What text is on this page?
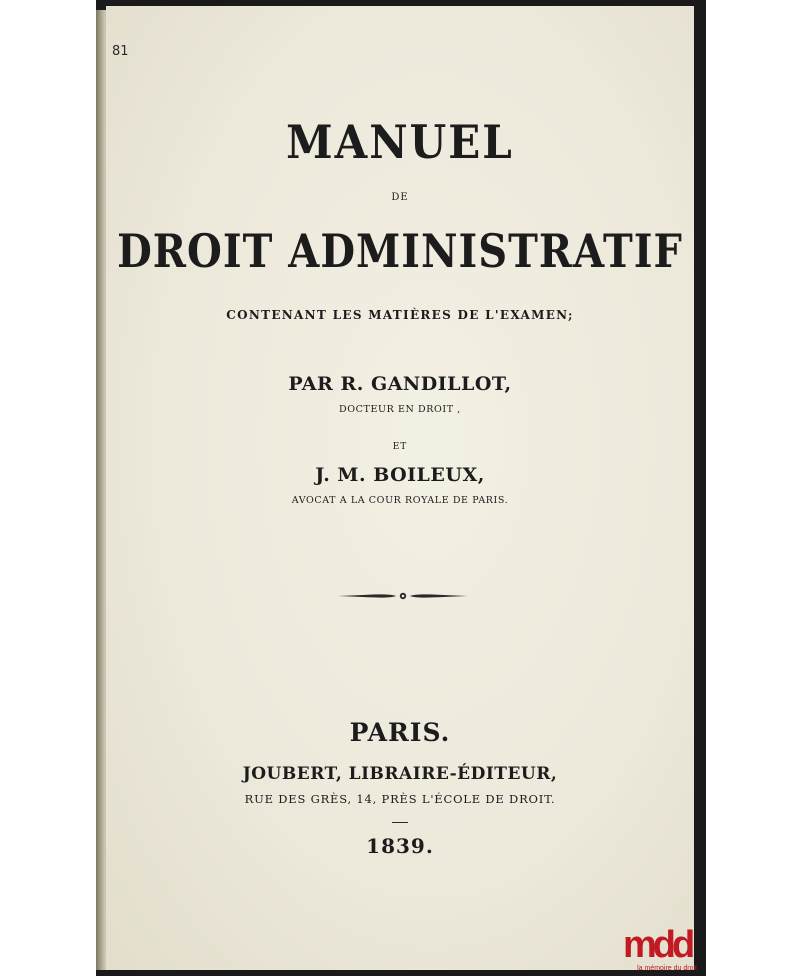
81
MANUEL
DE
DROIT ADMINISTRATIF
CONTENANT LES MATIÈRES DE L'EXAMEN;
PAR R. GANDILLOT,
DOCTEUR EN DROIT ,
ET
J. M. BOILEUX,
AVOCAT A LA COUR ROYALE DE PARIS.
PARIS.
JOUBERT, LIBRAIRE-ÉDITEUR,
RUE DES GRÈS, 14, PRÈS L'ÉCOLE DE DROIT.
1839.
mdd
la mémoire du droit
